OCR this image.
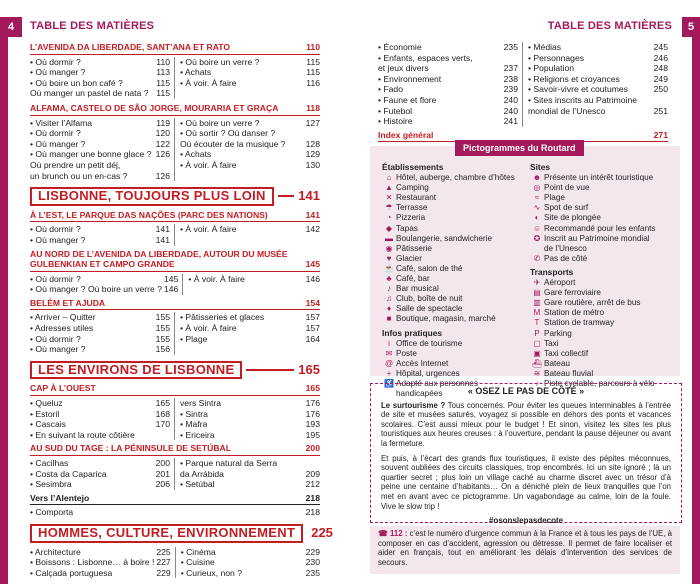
4	TABLE DES MATIÈRES	TABLE DES MATIÈRES	5
L’AVENIDA DA LIBERDADE, SANT’ANA ET RATO	110
• Où dormir ?	110
• Où manger ?	113
• Où boire un bon café ?	115
Où manger un pastel de nata ? 115
• Où boire un verre ?	115
• Achats	115
• À voir. À faire	116
ALFAMA, CASTELO DE SÃO JORGE, MOURARIA ET GRAÇA	118
• Visiter l’Alfama	119
• Où dormir ?	120
• Où manger ?	122
• Où manger une bonne glace ? 126
Où prendre un petit déj,
un brunch ou un en-cas ?	126
• Où boire un verre ?	127
• Où sortir ? Où danser ?
Où écouter de la musique ? 128
• Achats	129
• À voir. À faire	130
LISBONNE, TOUJOURS PLUS LOIN	141
À L’EST, LE PARQUE DAS NAÇÕES (PARC DES NATIONS)	141
• Où dormir ?	141
• Où manger ?	141
• À voir. À faire	142
AU NORD DE L’AVENIDA DA LIBERDADE, AUTOUR DU MUSÉE GULBENKIAN ET CAMPO GRANDE	145
• Où dormir ?	145
• Où manger ? Où boire un verre ? 146
• À voir. À faire	146
BELÉM ET AJUDA	154
• Arriver – Quitter	155
• Adresses utiles	155
• Où dormir ?	155
• Où manger ?	156
• Pâtisseries et glaces	157
• À voir. À faire	157
• Plage	164
LES ENVIRONS DE LISBONNE	165
CAP À L’OUEST	165
• Queluz	165
• Estoril	168
• Cascais	170
• En suivant la route côtière
vers Sintra	176
• Sintra	176
• Mafra	193
• Ericeira	195
AU SUD DU TAGE : LA PÉNINSULE DE SETÚBAL	200
• Cacilhas	200
• Costa da Caparica	201
• Sesimbra	206
• Parque natural da Serra
da Arrábida	209
• Setúbal	212
Vers l’Alentejo	218
• Comporta	218
HOMMES, CULTURE, ENVIRONNEMENT	225
• Architecture	225
• Boissons : Lisbonne… à boire ! 227
• Calçada portuguesa	229
• Cinéma	229
• Cuisine	230
• Curieux, non ?	235
• Économie	235
• Enfants, espaces verts,
et jeux divers	237
• Environnement	238
• Fado	239
• Faune et flore	240
• Futebol	240
• Histoire	241
• Médias	245
• Personnages	246
• Population	248
• Religions et croyances	249
• Savoir-vivre et coutumes	250
• Sites inscrits au Patrimoine
mondial de l’Unesco	251
Index général	271
Pictogrammes du Routard
Établissements
⌂ Hôtel, auberge, chambre d’hôtes
▲ Camping
✕ Restaurant
☂ Terrasse
◔ Pizzeria
◆ Tapas
▬ Boulangerie, sandwicherie
◉ Pâtisserie
♥ Glacier
☕ Café, salon de thé
♣ Café, bar
♪ Bar musical
♫ Club, boîte de nuit
♦ Salle de spectacle
■ Boutique, magasin, marché
Infos pratiques
i Office de tourisme
✉ Poste
@ Accès Internet
+ Hôpital, urgences
♿ Adapté aux personnes
handicapées
Sites
☻ Présente un intérêt touristique
◎ Point de vue
≈ Plage
∿ Spot de surf
◐ Site de plongée
☺ Recommandé pour les enfants
✪ Inscrit au Patrimoine mondial
de l’Unesco
✆ Pas de côté
Transports
✈ Aéroport
▤ Gare ferroviaire
▥ Gare routière, arrêt de bus
M Station de métro
T Station de tramway
P Parking
▢ Taxi
▣ Taxi collectif
⛴ Bateau
≋ Bateau fluvial
♁ Piste cyclable, parcours à vélo
« OSEZ LE PAS DE CÔTÉ »

Le surtourisme ? Tous concernés. Pour éviter les queues interminables à l’entrée de site et musées saturés, voyagez si possible en dehors des ponts et vacances scolaires. C’est aussi mieux pour le budget ! Et sinon, visitez les sites les plus touristiques aux heures creuses : à l’ouverture, pendant la pause déjeuner ou avant la fermeture.

Et puis, à l’écart des grands flux touristiques, il existe des pépites méconnues, souvent oubliées des circuits classiques, trop encombrés. Ici un site ignoré ; là un quartier secret ; plus loin un village caché au charme discret avec un trésor d’à peine une centaine d’habitants… On a déniché plein de lieux tranquilles que l’on met en avant avec ce pictogramme. Un vagabondage au calme, loin de la foule. Vive le slow trip !

#osonslepasdecote
☎ 112 : c’est le numéro d’urgence commun à la France et à tous les pays de l’UE, à composer en cas d’accident, agression ou détresse. Il permet de faire localiser et aider en français, tout en améliorant les délais d’intervention des services de secours.
